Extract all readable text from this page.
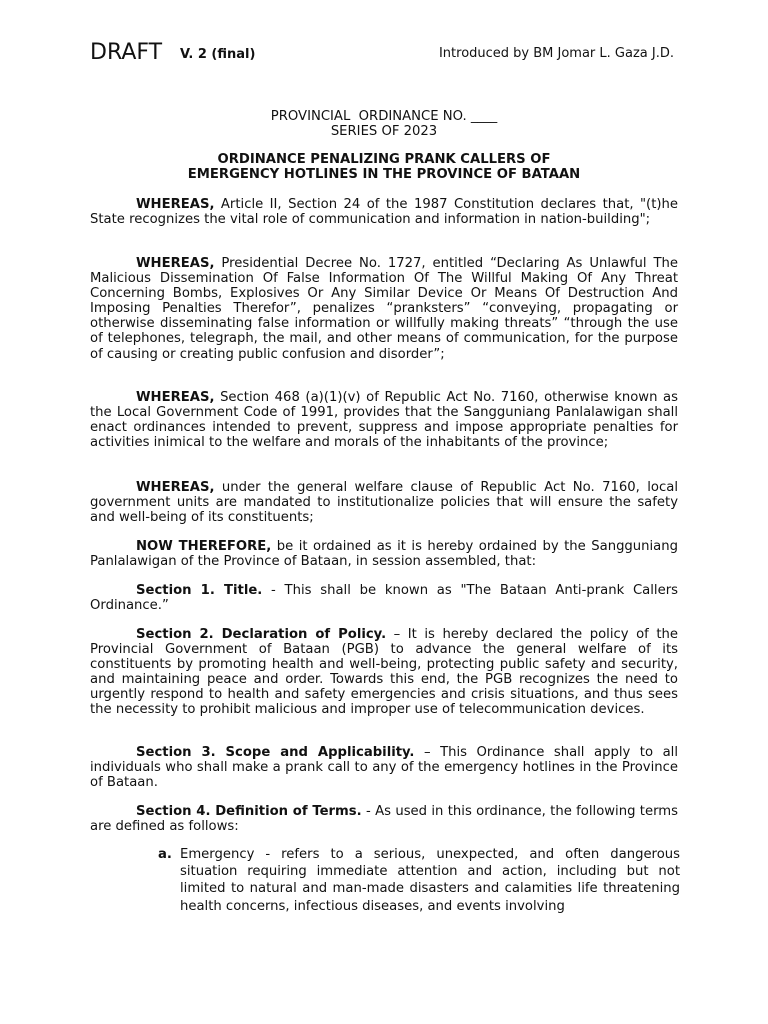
DRAFT V. 2 (final)	Introduced by BM Jomar L. Gaza J.D.
PROVINCIAL  ORDINANCE NO. ____
SERIES OF 2023
ORDINANCE PENALIZING PRANK CALLERS OF
EMERGENCY HOTLINES IN THE PROVINCE OF BATAAN

WHEREAS, Article II, Section 24 of the 1987 Constitution declares that, "(t)he State recognizes the vital role of communication and information in nation-building";

WHEREAS, Presidential Decree No. 1727, entitled “Declaring As Unlawful The Malicious Dissemination Of False Information Of The Willful Making Of Any Threat Concerning Bombs, Explosives Or Any Similar Device Or Means Of Destruction And Imposing Penalties Therefor”, penalizes “pranksters” “conveying, propagating or otherwise disseminating false information or willfully making threats” “through the use of telephones, telegraph, the mail, and other means of communication, for the purpose of causing or creating public confusion and disorder”;

WHEREAS, Section 468 (a)(1)(v) of Republic Act No. 7160, otherwise known as the Local Government Code of 1991, provides that the Sangguniang Panlalawigan shall enact ordinances intended to prevent, suppress and impose appropriate penalties for activities inimical to the welfare and morals of the inhabitants of the province;

WHEREAS, under the general welfare clause of Republic Act No. 7160, local government units are mandated to institutionalize policies that will ensure the safety and well-being of its constituents;

NOW THEREFORE, be it ordained as it is hereby ordained by the Sangguniang Panlalawigan of the Province of Bataan, in session assembled, that:

Section 1. Title. - This shall be known as "The Bataan Anti-prank Callers Ordinance.”

Section 2. Declaration of Policy. – It is hereby declared the policy of the Provincial Government of Bataan (PGB) to advance the general welfare of its constituents by promoting health and well-being, protecting public safety and security, and maintaining peace and order. Towards this end, the PGB recognizes the need to urgently respond to health and safety emergencies and crisis situations, and thus sees the necessity to prohibit malicious and improper use of telecommunication devices.

Section 3. Scope and Applicability. – This Ordinance shall apply to all individuals who shall make a prank call to any of the emergency hotlines in the Province of Bataan.

Section 4. Definition of Terms. - As used in this ordinance, the following terms are defined as follows:

a. Emergency - refers to a serious, unexpected, and often dangerous situation requiring immediate attention and action, including but not limited to natural and man-made disasters and calamities life threatening health concerns, infectious diseases, and events involving
